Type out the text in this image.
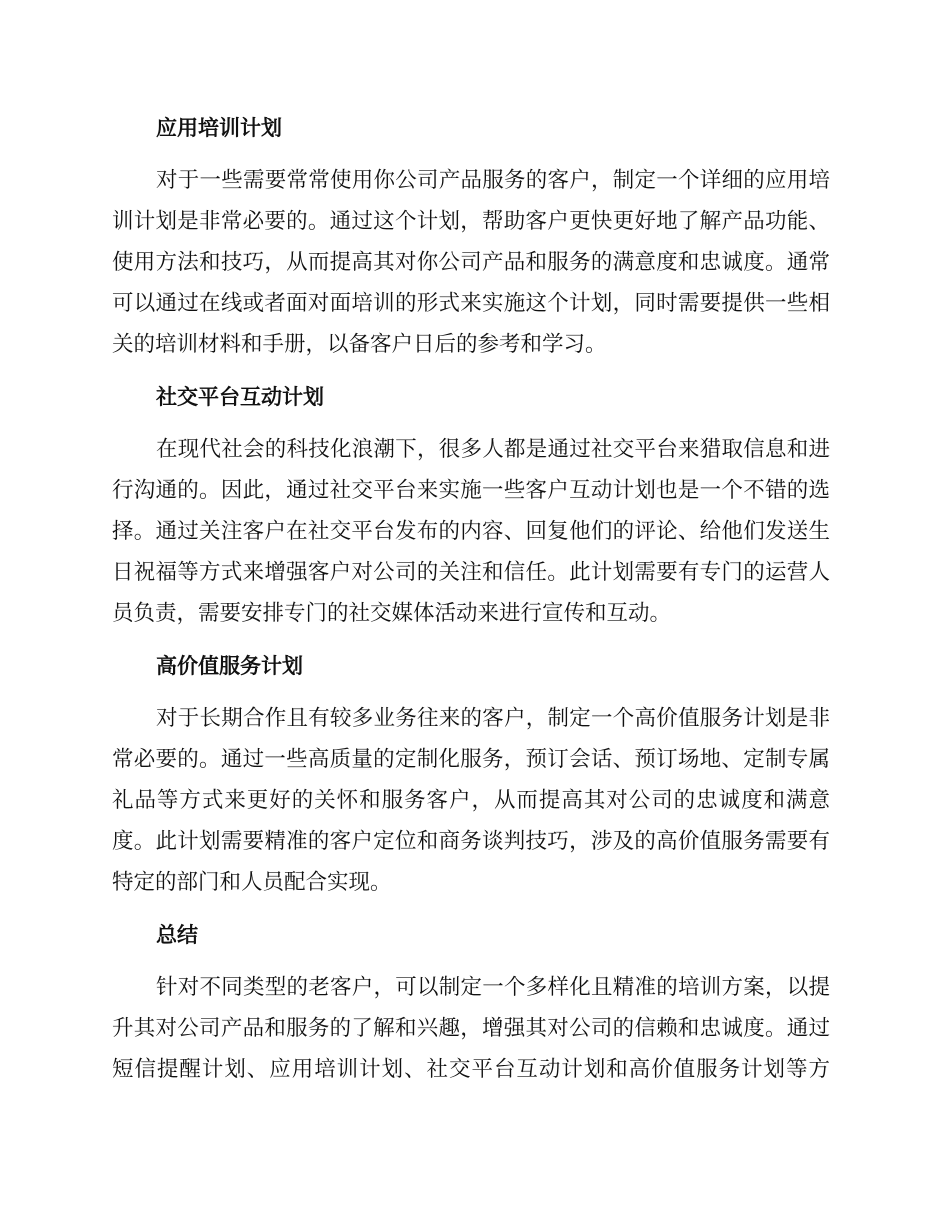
应用培训计划
对于一些需要常常使用你公司产品服务的客户，制定一个详细的应用培
训计划是非常必要的。通过这个计划，帮助客户更快更好地了解产品功能、
使用方法和技巧，从而提高其对你公司产品和服务的满意度和忠诚度。通常
可以通过在线或者面对面培训的形式来实施这个计划，同时需要提供一些相
关的培训材料和手册，以备客户日后的参考和学习。
社交平台互动计划
在现代社会的科技化浪潮下，很多人都是通过社交平台来猎取信息和进
行沟通的。因此，通过社交平台来实施一些客户互动计划也是一个不错的选
择。通过关注客户在社交平台发布的内容、回复他们的评论、给他们发送生
日祝福等方式来增强客户对公司的关注和信任。此计划需要有专门的运营人
员负责，需要安排专门的社交媒体活动来进行宣传和互动。
高价值服务计划
对于长期合作且有较多业务往来的客户，制定一个高价值服务计划是非
常必要的。通过一些高质量的定制化服务，预订会话、预订场地、定制专属
礼品等方式来更好的关怀和服务客户，从而提高其对公司的忠诚度和满意
度。此计划需要精准的客户定位和商务谈判技巧，涉及的高价值服务需要有
特定的部门和人员配合实现。
总结
针对不同类型的老客户，可以制定一个多样化且精准的培训方案，以提
升其对公司产品和服务的了解和兴趣，增强其对公司的信赖和忠诚度。通过
短信提醒计划、应用培训计划、社交平台互动计划和高价值服务计划等方
